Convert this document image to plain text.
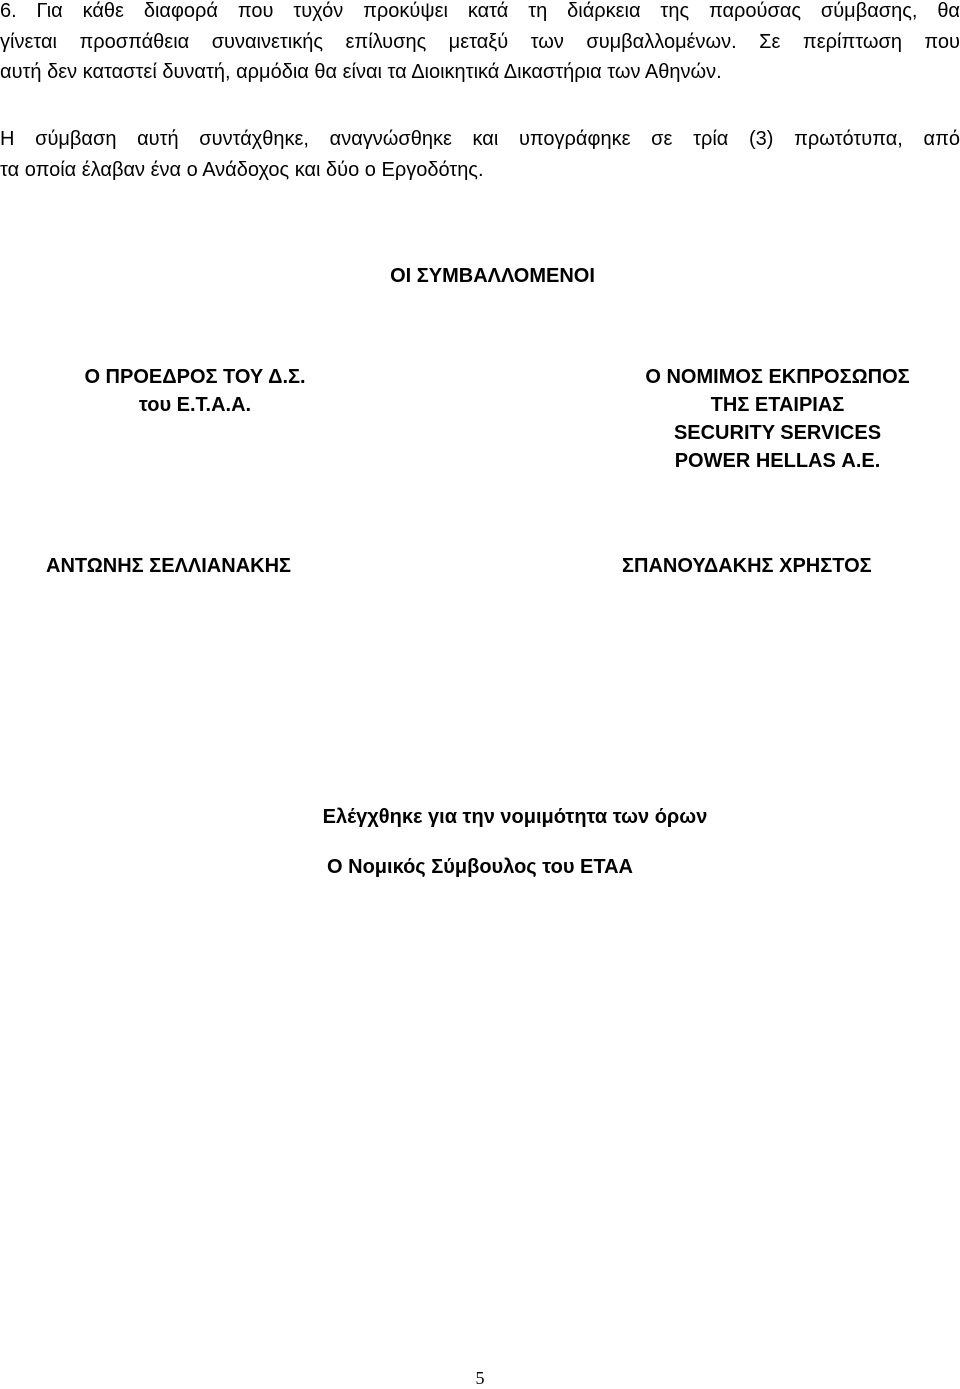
6. Για κάθε διαφορά που τυχόν προκύψει κατά τη διάρκεια της παρούσας σύμβασης, θα
γίνεται προσπάθεια συναινετικής επίλυσης μεταξύ των συμβαλλομένων. Σε περίπτωση που
αυτή δεν καταστεί δυνατή, αρμόδια θα είναι τα Διοικητικά Δικαστήρια των Αθηνών.
Η σύμβαση αυτή συντάχθηκε, αναγνώσθηκε και υπογράφηκε σε τρία (3) πρωτότυπα, από
τα οποία έλαβαν ένα ο Ανάδοχος και δύο ο Εργοδότης.
ΟΙ ΣΥΜΒΑΛΛΟΜΕΝΟΙ
Ο ΠΡΟΕΔΡΟΣ ΤΟΥ Δ.Σ.
του Ε.Τ.Α.Α.
Ο ΝΟΜΙΜΟΣ ΕΚΠΡΟΣΩΠΟΣ
ΤΗΣ ΕΤΑΙΡΙΑΣ
SECURITY SERVICES
POWER HELLAS Α.Ε.
ΑΝΤΩΝΗΣ ΣΕΛΛΙΑΝΑΚΗΣ	ΣΠΑΝΟΥΔΑΚΗΣ ΧΡΗΣΤΟΣ
Ελέγχθηκε για την νομιμότητα των όρων
Ο Νομικός Σύμβουλος του ΕΤΑΑ
5
